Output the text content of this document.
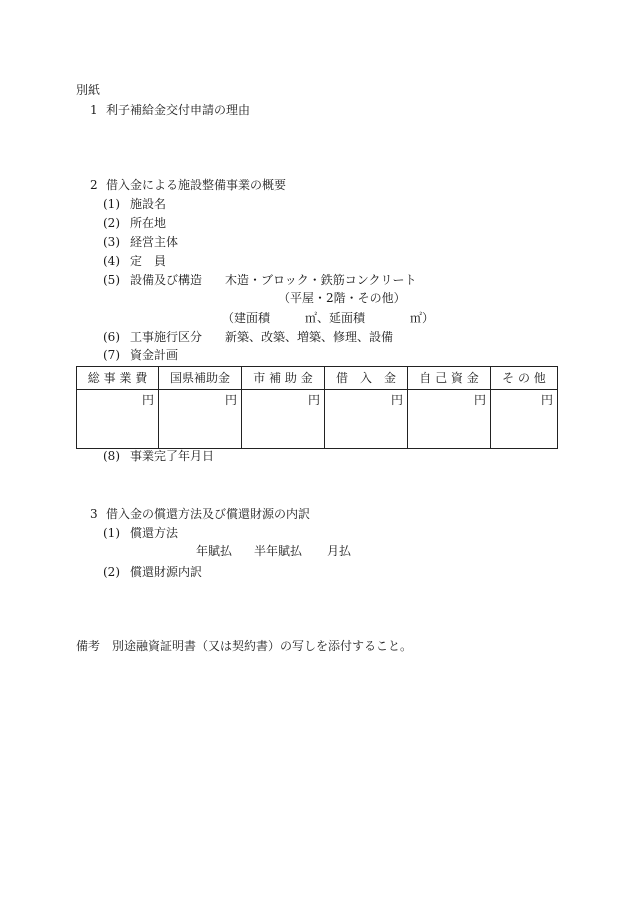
別紙
1 利子補給金交付申請の理由
2 借入金による施設整備事業の概要
(1) 施設名
(2) 所在地
(3) 経営主体
(4) 定　員
(5) 設備及び構造 木造・ブロック・鉄筋コンクリート
（平屋・2階・その他）
（建面積	㎡、延面積	㎡）
(6) 工事施行区分 新築、改築、増築、修理、設備
(7) 資金計画
総 事 業 費	国県補助金	市 補 助 金	借　入　金	自 己 資 金	そ の 他
円	円	円	円	円	円
(8) 事業完了年月日
3 借入金の償還方法及び償還財源の内訳
(1) 償還方法
年賦払 半年賦払 月払
(2) 償還財源内訳
備考 別途融資証明書（又は契約書）の写しを添付すること。
